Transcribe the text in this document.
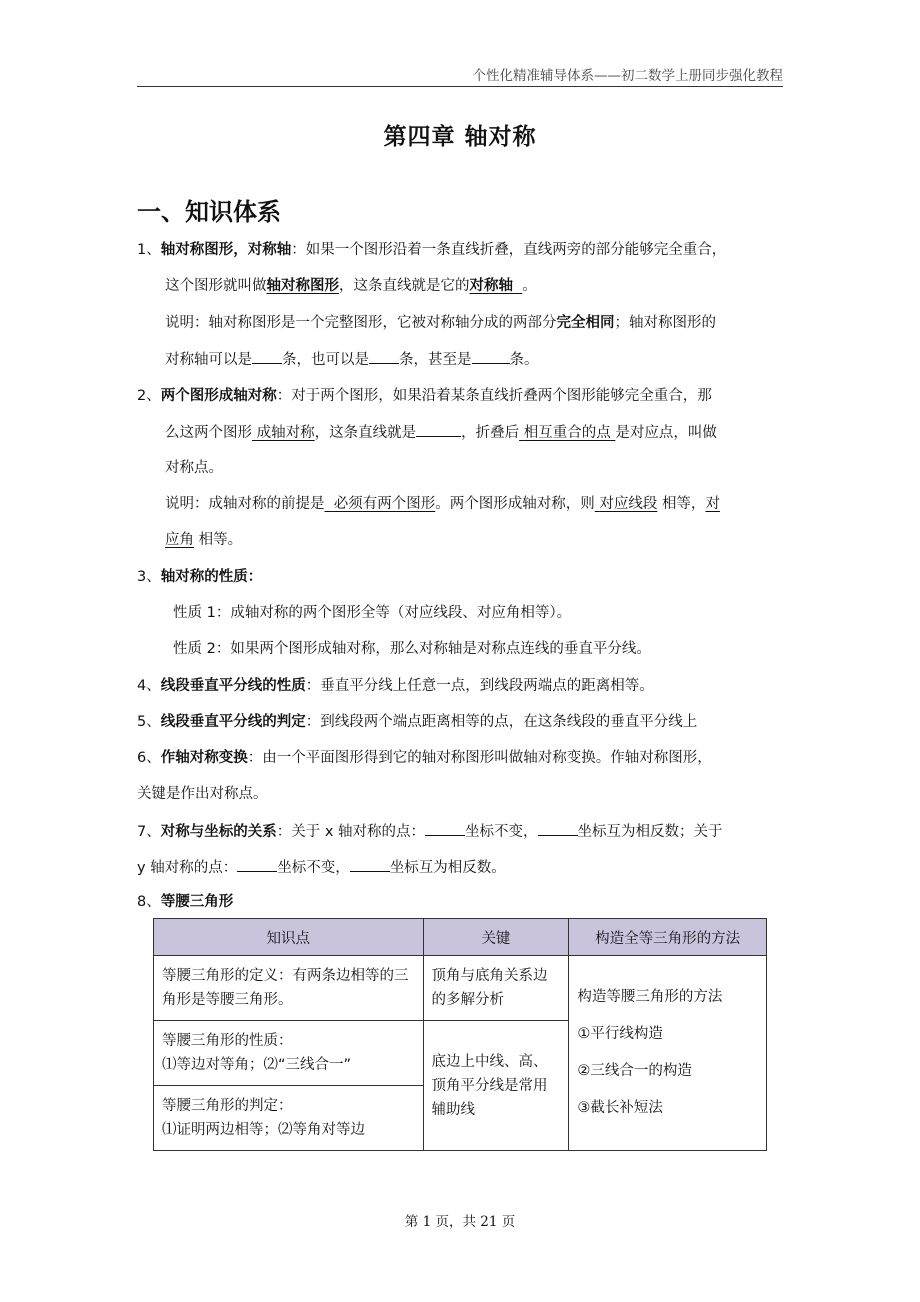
个性化精准辅导体系——初二数学上册同步强化教程
第四章 轴对称
一、知识体系
1、轴对称图形，对称轴：如果一个图形沿着一条直线折叠，直线两旁的部分能够完全重合，
这个图形就叫做轴对称图形，这条直线就是它的对称轴 。
说明：轴对称图形是一个完整图形，它被对称轴分成的两部分完全相同；轴对称图形的
对称轴可以是 条，也可以是 条，甚至是	条。
2、两个图形成轴对称：对于两个图形，如果沿着某条直线折叠两个图形能够完全重合，那
么这两个图形 成轴对称，这条直线就是	，折叠后 相互重合的点 是对应点，叫做
对称点。
说明：成轴对称的前提是 必须有两个图形。两个图形成轴对称，则 对应线段 相等，对
应角 相等。
3、轴对称的性质：
性质 1：成轴对称的两个图形全等（对应线段、对应角相等）。
性质 2：如果两个图形成轴对称，那么对称轴是对称点连线的垂直平分线。
4、线段垂直平分线的性质：垂直平分线上任意一点，到线段两端点的距离相等。
5、线段垂直平分线的判定：到线段两个端点距离相等的点，在这条线段的垂直平分线上
6、作轴对称变换：由一个平面图形得到它的轴对称图形叫做轴对称变换。作轴对称图形，
关键是作出对称点。
7、对称与坐标的关系：关于 x 轴对称的点：	坐标不变，	坐标互为相反数；关于
y 轴对称的点：	坐标不变，	坐标互为相反数。
8、等腰三角形
知识点	关键	构造全等三角形的方法
等腰三角形的定义：有两条边相等的三角形是等腰三角形。	顶角与底角关系边的多解分析	构造等腰三角形的方法
①平行线构造
②三线合一的构造
③截长补短法

等腰三角形的性质：
⑴等边对等角；⑵“三线合一”	底边上中线、高、顶角平分线是常用辅助线	

等腰三角形的判定：
⑴证明两边相等；⑵等角对等边		
第 1 页，共 21 页
